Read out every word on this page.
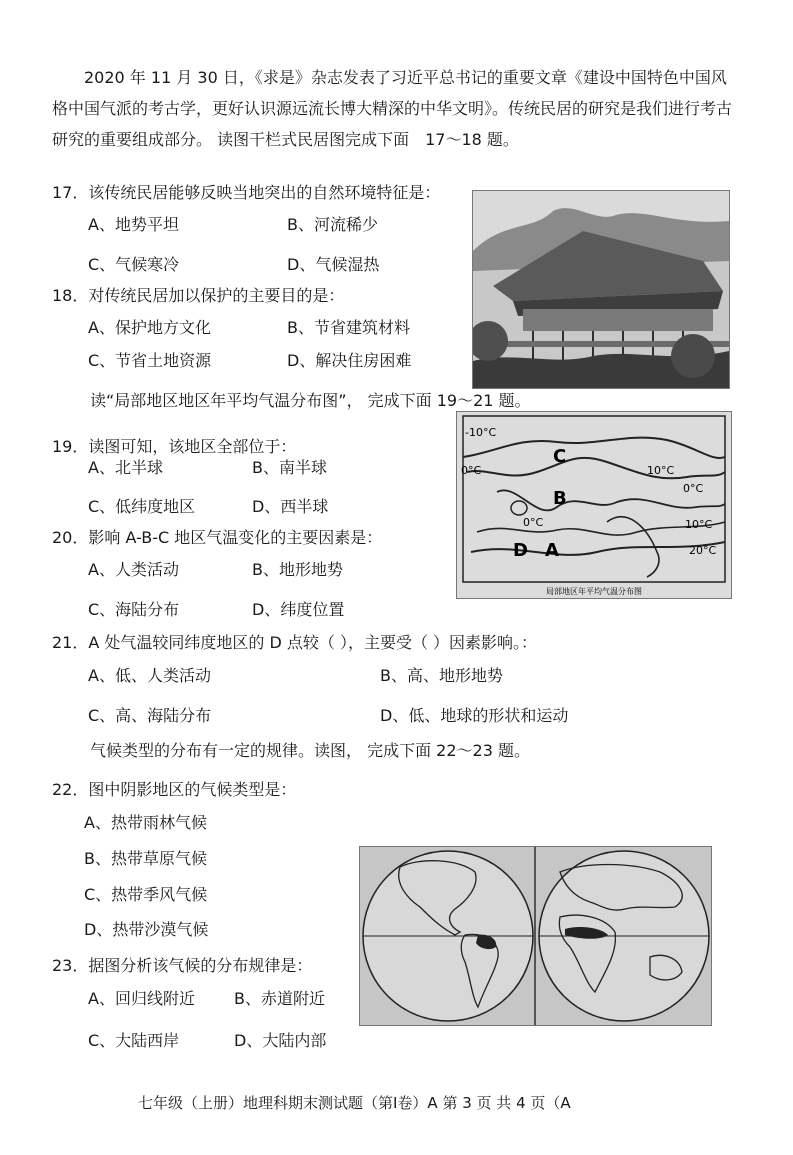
2020 年 11 月 30 日，《求是》杂志发表了习近平总书记的重要文章《建设中国特色中国风格中国气派的考古学，更好认识源远流长博大精深的中华文明》。传统民居的研究是我们进行考古研究的重要组成部分。 读图干栏式民居图完成下面　17～18 题。
17．该传统民居能够反映当地突出的自然环境特征是：
A、地势平坦	B、河流稀少
C、气候寒冷	D、气候湿热
18．对传统民居加以保护的主要目的是：
A、保护地方文化	B、节省建筑材料
C、节省土地资源	D、解决住房困难
读“局部地区地区年平均气温分布图”， 完成下面 19～21 题。
19．读图可知，该地区全部位于：
A、北半球	B、南半球
C、低纬度地区	D、西半球
20．影响 A-B-C 地区气温变化的主要因素是：
A、人类活动	B、地形地势
C、海陆分布	D、纬度位置
-10°C
0°C
0°C
10°C
0°C
10°C
20°C
C
B
D A
局部地区年平均气温分布图
21．A 处气温较同纬度地区的 D 点较（ ），主要受（ ）因素影响。：
A、低、人类活动	B、高、地形地势
C、高、海陆分布	D、低、地球的形状和运动
气候类型的分布有一定的规律。读图， 完成下面 22～23 题。
22．图中阴影地区的气候类型是：
A、热带雨林气候
B、热带草原气候
C、热带季风气候
D、热带沙漠气候
23．据图分析该气候的分布规律是：
A、回归线附近 B、赤道附近
C、大陆西岸	D、大陆内部
七年级（上册）地理科期末测试题（第Ⅰ卷）A 第 3 页 共 4 页（A
